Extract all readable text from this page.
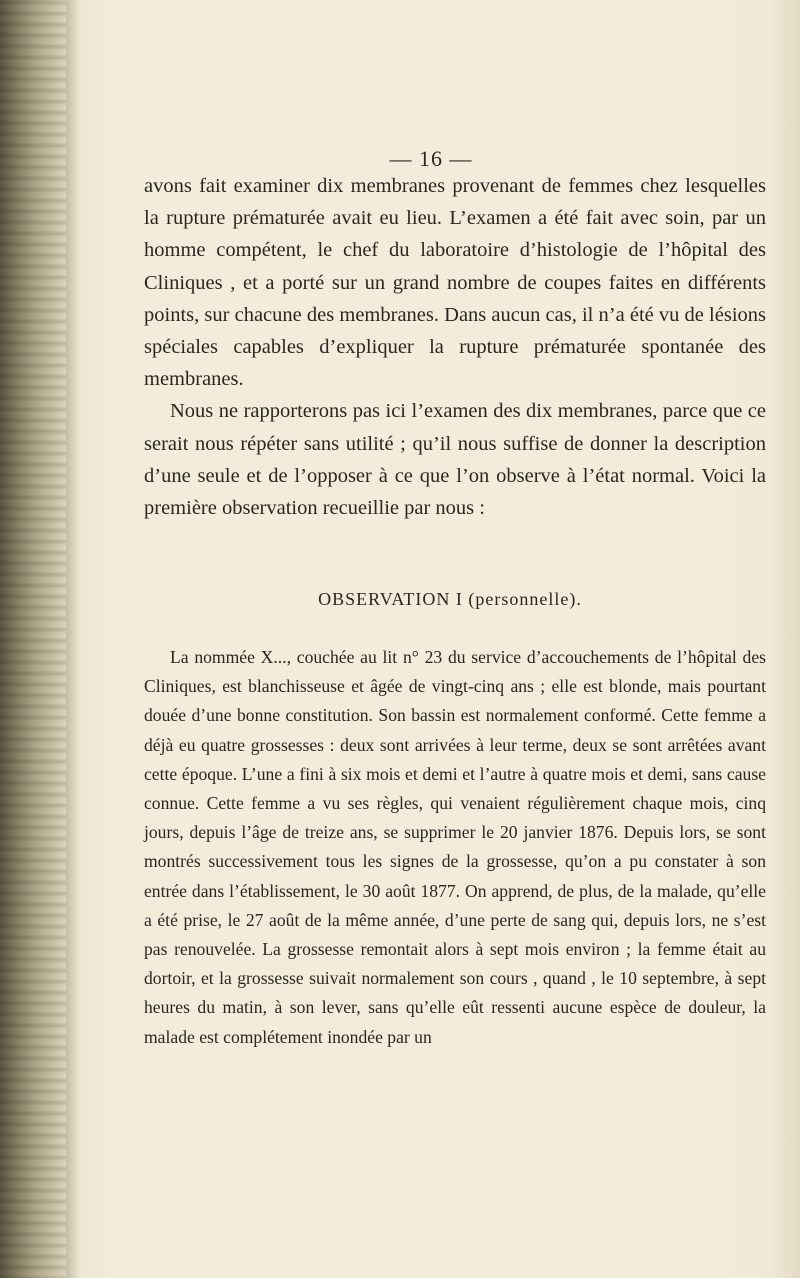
— 16 —

avons fait examiner dix membranes provenant de femmes chez lesquelles la rupture prématurée avait eu lieu. L’examen a été fait avec soin, par un homme compétent, le chef du laboratoire d’histologie de l’hôpital des Cliniques , et a porté sur un grand nombre de coupes faites en différents points, sur chacune des membranes. Dans aucun cas, il n’a été vu de lésions spéciales capables d’expliquer la rupture prématurée spontanée des membranes.

Nous ne rapporterons pas ici l’examen des dix membranes, parce que ce serait nous répéter sans utilité ; qu’il nous suffise de donner la description d’une seule et de l’opposer à ce que l’on observe à l’état normal. Voici la première observation recueillie par nous :

OBSERVATION I (personnelle).

La nommée X..., couchée au lit n° 23 du service d’accouchements de l’hôpital des Cliniques, est blanchisseuse et âgée de vingt-cinq ans ; elle est blonde, mais pourtant douée d’une bonne constitution. Son bassin est normalement conformé. Cette femme a déjà eu quatre grossesses : deux sont arrivées à leur terme, deux se sont arrêtées avant cette époque. L’une a fini à six mois et demi et l’autre à quatre mois et demi, sans cause connue. Cette femme a vu ses règles, qui venaient régulièrement chaque mois, cinq jours, depuis l’âge de treize ans, se supprimer le 20 janvier 1876. Depuis lors, se sont montrés successivement tous les signes de la grossesse, qu’on a pu constater à son entrée dans l’établissement, le 30 août 1877. On apprend, de plus, de la malade, qu’elle a été prise, le 27 août de la même année, d’une perte de sang qui, depuis lors, ne s’est pas renouvelée. La grossesse remontait alors à sept mois environ ; la femme était au dortoir, et la grossesse suivait normalement son cours , quand , le 10 septembre, à sept heures du matin, à son lever, sans qu’elle eût ressenti aucune espèce de douleur, la malade est complétement inondée par un
